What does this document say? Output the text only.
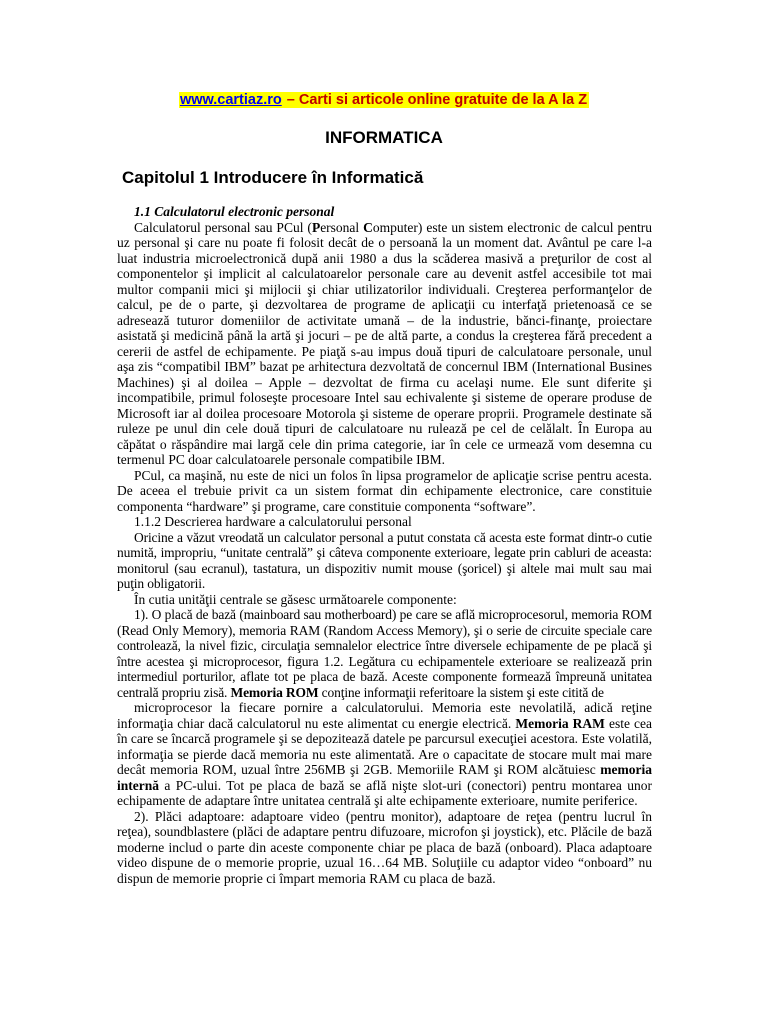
www.cartiaz.ro – Carti si articole online gratuite de la A la Z
INFORMATICA
Capitolul 1 Introducere în Informatică

1.1 Calculatorul electronic personal

Calculatorul personal sau PCul (Personal Computer) este un sistem electronic de calcul pentru uz personal şi care nu poate fi folosit decât de o persoană la un moment dat. Avântul pe care l-a luat industria microelectronică după anii 1980 a dus la scăderea masivă a preţurilor de cost al componentelor şi implicit al calculatoarelor personale care au devenit astfel accesibile tot mai multor companii mici şi mijlocii şi chiar utilizatorilor individuali. Creşterea performanţelor de calcul, pe de o parte, şi dezvoltarea de programe de aplicaţii cu interfaţă prietenoasă ce se adresează tuturor domeniilor de activitate umană – de la industrie, bănci-finanţe, proiectare asistată şi medicină până la artă şi jocuri – pe de altă parte, a condus la creşterea fără precedent a cererii de astfel de echipamente. Pe piaţă s-au impus două tipuri de calculatoare personale, unul aşa zis “compatibil IBM” bazat pe arhitectura dezvoltată de concernul IBM (International Busines Machines) şi al doilea – Apple – dezvoltat de firma cu acelaşi nume. Ele sunt diferite şi incompatibile, primul foloseşte procesoare Intel sau echivalente şi sisteme de operare produse de Microsoft iar al doilea procesoare Motorola şi sisteme de operare proprii. Programele destinate să ruleze pe unul din cele două tipuri de calculatoare nu rulează pe cel de celălalt. În Europa au căpătat o răspândire mai largă cele din prima categorie, iar în cele ce urmează vom desemna cu termenul PC doar calculatoarele personale compatibile IBM.

PCul, ca maşină, nu este de nici un folos în lipsa programelor de aplicaţie scrise pentru acesta. De aceea el trebuie privit ca un sistem format din echipamente electronice, care constituie componenta “hardware” şi programe, care constituie componenta “software”.

1.1.2 Descrierea hardware a calculatorului personal

Oricine a văzut vreodată un calculator personal a putut constata că acesta este format dintr-o cutie numită, impropriu, “unitate centrală” şi câteva componente exterioare, legate prin cabluri de aceasta: monitorul (sau ecranul), tastatura, un dispozitiv numit mouse (şoricel) şi altele mai mult sau mai puţin obligatorii.

În cutia unităţii centrale se găsesc următoarele componente:

1). O placă de bază (mainboard sau motherboard) pe care se află microprocesorul, memoria ROM (Read Only Memory), memoria RAM (Random Access Memory), şi o serie de circuite speciale care controlează, la nivel fizic, circulaţia semnalelor electrice între diversele echipamente de pe placă şi între acestea şi microprocesor, figura 1.2. Legătura cu echipamentele exterioare se realizează prin intermediul porturilor, aflate tot pe placa de bază. Aceste componente formează împreună unitatea centrală propriu zisă. Memoria ROM conţine informaţii referitoare la sistem şi este citită de

microprocesor la fiecare pornire a calculatorului. Memoria este nevolatilă, adică reţine informaţia chiar dacă calculatorul nu este alimentat cu energie electrică. Memoria RAM este cea în care se încarcă programele şi se depozitează datele pe parcursul execuţiei acestora. Este volatilă, informaţia se pierde dacă memoria nu este alimentată. Are o capacitate de stocare mult mai mare decât memoria ROM, uzual între 256MB şi 2GB. Memoriile RAM şi ROM alcătuiesc memoria internă a PC-ului. Tot pe placa de bază se află nişte slot-uri (conectori) pentru montarea unor echipamente de adaptare între unitatea centrală şi alte echipamente exterioare, numite periferice.

2). Plăci adaptoare: adaptoare video (pentru monitor), adaptoare de reţea (pentru lucrul în reţea), soundblastere (plăci de adaptare pentru difuzoare, microfon şi joystick), etc. Plăcile de bază moderne includ o parte din aceste componente chiar pe placa de bază (onboard). Placa adaptoare video dispune de o memorie proprie, uzual 16…64 MB. Soluţiile cu adaptor video “onboard” nu dispun de memorie proprie ci împart memoria RAM cu placa de bază.
